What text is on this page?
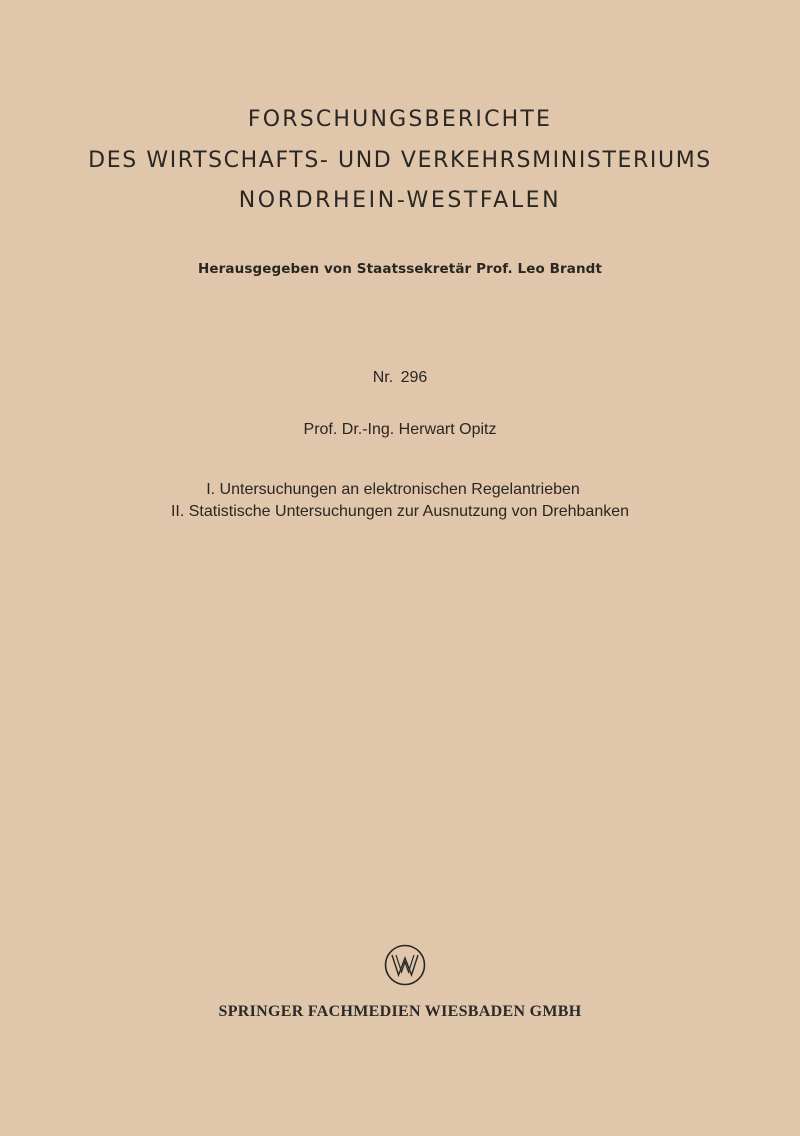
FORSCHUNGSBERICHTE
DES WIRTSCHAFTS- UND VERKEHRSMINISTERIUMS
NORDRHEIN-WESTFALEN
Herausgegeben von Staatssekretär Prof. Leo Brandt
Nr. 296
Prof. Dr.-Ing. Herwart Opitz
I. Untersuchungen an elektronischen Regelantrieben
II. Statistische Untersuchungen zur Ausnutzung von Drehbanken
SPRINGER FACHMEDIEN WIESBADEN GMBH
